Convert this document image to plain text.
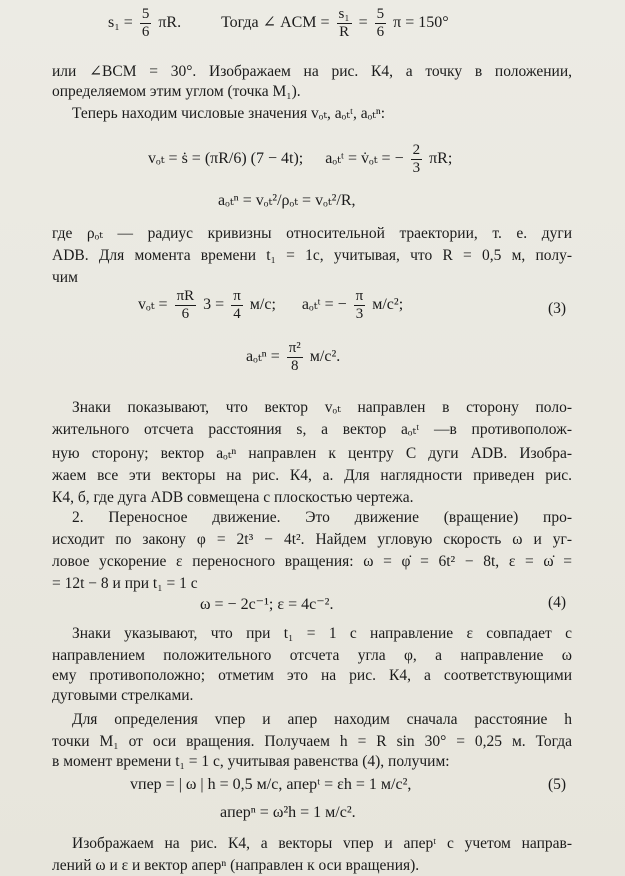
$s_1 = \frac{5}{6} \pi R$.	Тогда ∠ ACM = $\frac{\text{s₁}}{R} = \frac{5}{6}$ π = 150°
или ∠BCM = 30°. Изображаем на рис. К4, а точку в положении,
определяемом этим углом (точка M₁).
Теперь находим числовые значения vₒₜ, aₒₜᵗ, aₒₜⁿ:
vₒₜ = ṡ = (πR/6) (7 − 4t); aₒₜᵗ = v̇ₒₜ = − $\frac{2}{3} \pi R$;
aₒₜⁿ = vₒₜ²/ρₒₜ = vₒₜ²/R,
где ρₒₜ — радиус кривизны относительной траектории, т. е. дуги
ADB. Для момента времени t₁ = 1с, учитывая, что R = 0,5 м, полу-
чим
$v_{ot} = \frac{\pi R}{6} 3 = \frac{\pi}{4} м/с$; aₒₜᵗ = − $\frac{\pi}{3} м/с^2$;	(3)
$a_{ot}^n = \frac{\text{π²}}{8} м/с^2$.
Знаки показывают, что вектор vₒₜ направлен в сторону поло-
жительного отсчета расстояния s, а вектор aₒₜᵗ —в противополож-
ную сторону; вектор aₒₜⁿ направлен к центру C дуги ADB. Изобра-
жаем все эти векторы на рис. К4, а. Для наглядности приведен рис.
К4, б, где дуга ADB совмещена с плоскостью чертежа.
2. Переносное движение. Это движение (вращение) про-
исходит по закону φ = 2t³ − 4t². Найдем угловую скорость ω и уг-
ловое ускорение ε переносного вращения: ω = φ̇ = 6t² − 8t, ε = ω̇ =
= 12t − 8 и при t₁ = 1 с
ω = − 2с⁻¹; ε = 4с⁻².	(4)
Знаки указывают, что при t₁ = 1 с направление ε совпадает с
направлением положительного отсчета угла φ, а направление ω
ему противоположно; отметим это на рис. К4, а соответствующими
дуговыми стрелками.
Для определения vпер и aпер находим сначала расстояние h
точки M₁ от оси вращения. Получаем h = R sin 30° = 0,25 м. Тогда
в момент времени t₁ = 1 с, учитывая равенства (4), получим:
vпер = | ω | h = 0,5 м/с, aперᵗ = εh = 1 м/с²,	(5)
aперⁿ = ω²h = 1 м/с².
Изображаем на рис. К4, а векторы vпер и aперᵗ с учетом направ-
лений ω и ε и вектор aперⁿ (направлен к оси вращения).
